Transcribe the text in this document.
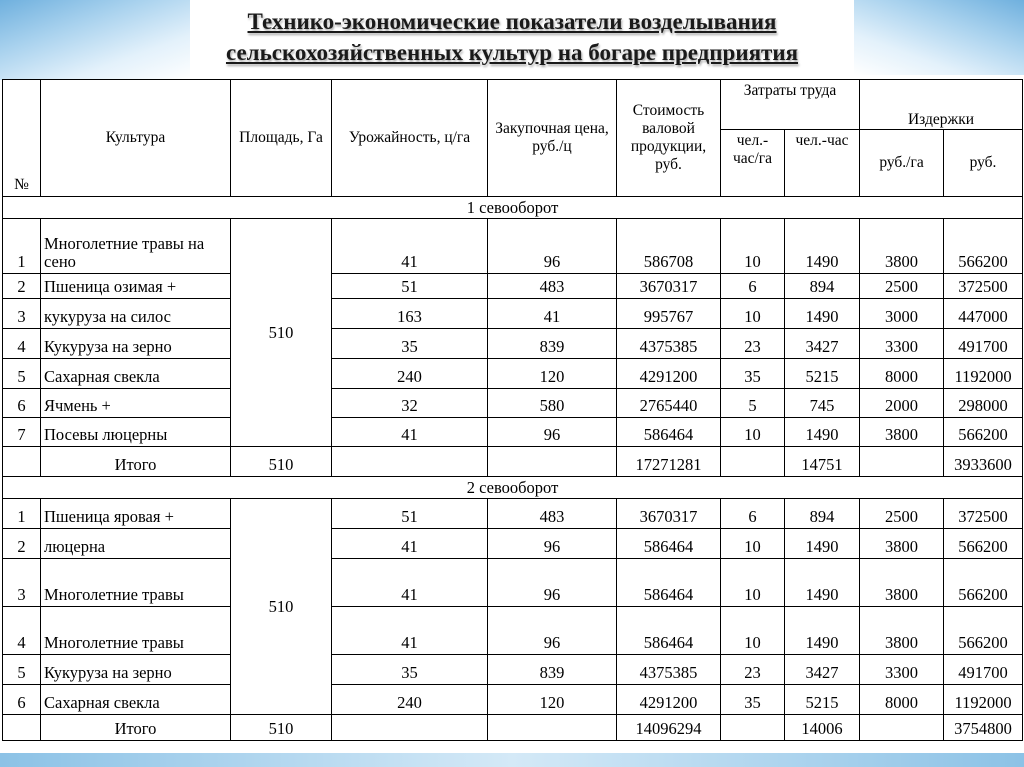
Технико-экономические показатели возделывания
сельскохозяйственных культур на богаре предприятия
№	Культура	Площадь, Га	Урожайность, ц/га	Закупочная цена, руб./ц	Стоимость валовой продукции, руб.	Затраты труда		Издержки	
						чел.-час/га	чел.-час	руб./га	руб.
1 севооборот									
1	Многолетние травы на сено	510	41	96	586708	10	1490	3800	566200
2	Пшеница озимая +		51	483	3670317	6	894	2500	372500
3	кукуруза на силос		163	41	995767	10	1490	3000	447000
4	Кукуруза на зерно		35	839	4375385	23	3427	3300	491700
5	Сахарная свекла		240	120	4291200	35	5215	8000	1192000
6	Ячмень +		32	580	2765440	5	745	2000	298000
7	Посевы люцерны		41	96	586464	10	1490	3800	566200
	Итого	510			17271281		14751		3933600
2 севооборот									
1	Пшеница яровая +	510	51	483	3670317	6	894	2500	372500
2	люцерна		41	96	586464	10	1490	3800	566200
3	Многолетние травы		41	96	586464	10	1490	3800	566200
4	Многолетние травы		41	96	586464	10	1490	3800	566200
5	Кукуруза на зерно		35	839	4375385	23	3427	3300	491700
6	Сахарная свекла		240	120	4291200	35	5215	8000	1192000
	Итого	510			14096294		14006		3754800
